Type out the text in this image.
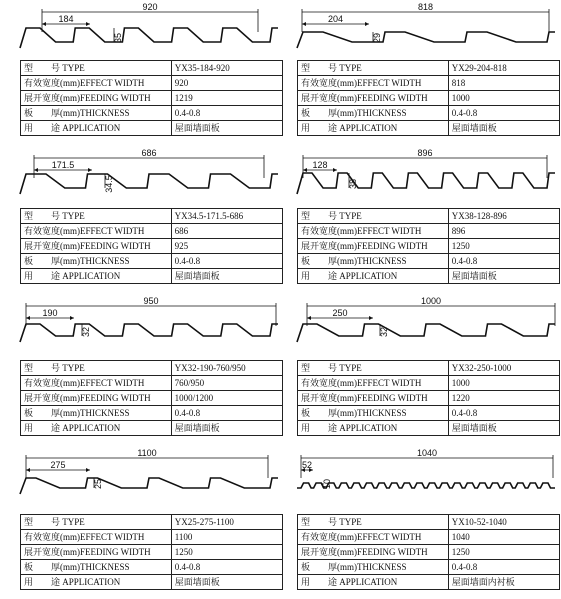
920
184
35
型　　号 TYPE	YX35-184-920
有效宽度(mm)EFFECT WIDTH	920
展开宽度(mm)FEEDING WIDTH	1219
板　　厚(mm)THICKNESS	0.4-0.8
用　　途 APPLICATION	屋面墙面板
818
204
29
型　　号 TYPE	YX29-204-818
有效宽度(mm)EFFECT WIDTH	818
展开宽度(mm)FEEDING WIDTH	1000
板　　厚(mm)THICKNESS	0.4-0.8
用　　途 APPLICATION	屋面墙面板
686
171.5
34.5
型　　号 TYPE	YX34.5-171.5-686
有效宽度(mm)EFFECT WIDTH	686
展开宽度(mm)FEEDING WIDTH	925
板　　厚(mm)THICKNESS	0.4-0.8
用　　途 APPLICATION	屋面墙面板
896
128
38
型　　号 TYPE	YX38-128-896
有效宽度(mm)EFFECT WIDTH	896
展开宽度(mm)FEEDING WIDTH	1250
板　　厚(mm)THICKNESS	0.4-0.8
用　　途 APPLICATION	屋面墙面板
950
190
32
型　　号 TYPE	YX32-190-760/950
有效宽度(mm)EFFECT WIDTH	760/950
展开宽度(mm)FEEDING WIDTH	1000/1200
板　　厚(mm)THICKNESS	0.4-0.8
用　　途 APPLICATION	屋面墙面板
1000
250
32
型　　号 TYPE	YX32-250-1000
有效宽度(mm)EFFECT WIDTH	1000
展开宽度(mm)FEEDING WIDTH	1220
板　　厚(mm)THICKNESS	0.4-0.8
用　　途 APPLICATION	屋面墙面板
1100
275
25
型　　号 TYPE	YX25-275-1100
有效宽度(mm)EFFECT WIDTH	1100
展开宽度(mm)FEEDING WIDTH	1250
板　　厚(mm)THICKNESS	0.4-0.8
用　　途 APPLICATION	屋面墙面板
1040
52
10
型　　号 TYPE	YX10-52-1040
有效宽度(mm)EFFECT WIDTH	1040
展开宽度(mm)FEEDING WIDTH	1250
板　　厚(mm)THICKNESS	0.4-0.8
用　　途 APPLICATION	屋面墙面内衬板
